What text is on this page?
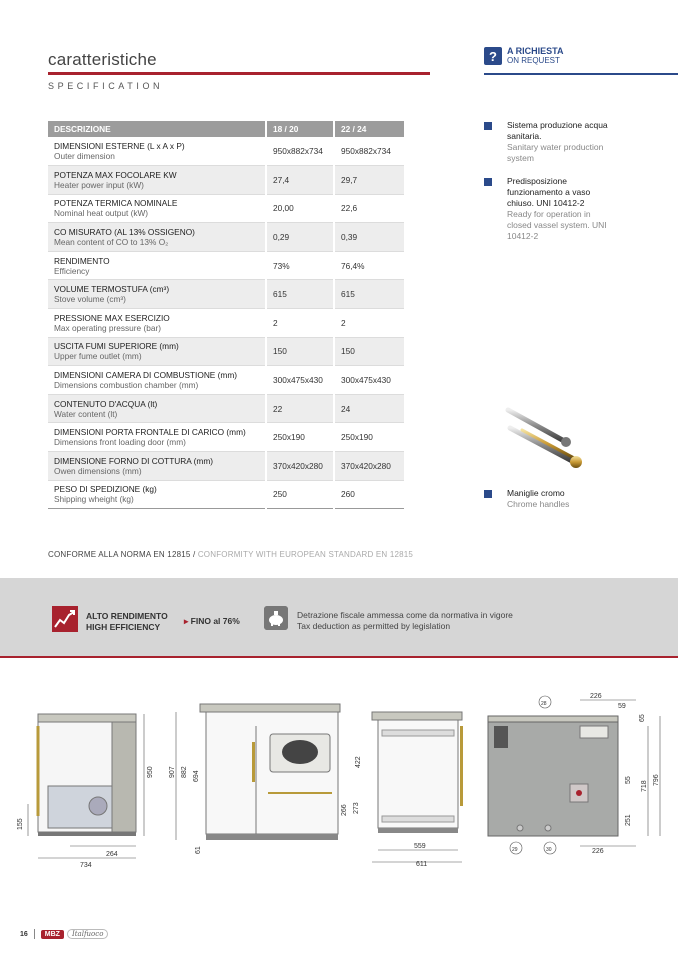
caratteristiche
SPECIFICATION
?	A RICHIESTA
ON REQUEST
DESCRIZIONE	18 / 20	22 / 24

DIMENSIONI ESTERNE (L x A x P)
Outer dimension	950x882x734	950x882x734

POTENZA MAX FOCOLARE KW
Heater power input (kW)	27,4	29,7

POTENZA TERMICA NOMINALE
Nominal heat output (kW)	20,00	22,6

CO MISURATO (AL 13% OSSIGENO)
Mean content of CO to 13% O₂	0,29	0,39

RENDIMENTO
Efficiency	73%	76,4%

VOLUME TERMOSTUFA (cm³)
Stove volume (cm³)	615	615

PRESSIONE MAX ESERCIZIO
Max operating pressure (bar)	2	2

USCITA FUMI SUPERIORE (mm)
Upper fume outlet (mm)	150	150

DIMENSIONI CAMERA DI COMBUSTIONE (mm)
Dimensions combustion chamber (mm)	300x475x430	300x475x430

CONTENUTO D'ACQUA (lt)
Water content (lt)	22	24

DIMENSIONI PORTA FRONTALE DI CARICO (mm)
Dimensions front loading door (mm)	250x190	250x190

DIMENSIONE FORNO DI COTTURA (mm)
Owen dimensions (mm)	370x420x280	370x420x280

PESO DI SPEDIZIONE (kg)
Shipping wheight (kg)	250	260
Sistema produzione acqua sanitaria.
Sanitary water production system
Predisposizione funzionamento a vaso chiuso. UNI 10412-2
Ready for operation in closed vassel system. UNI 10412-2
Maniglie cromo
Chrome handles
CONFORME ALLA NORMA EN 12815 / CONFORMITY WITH EUROPEAN STANDARD EN 12815
ALTO RENDIMENTO
HIGH EFFICIENCY
▸ FINO al 76%
Detrazione fiscale ammessa come da normativa in vigore
Tax deduction as permitted by legislation
950
155
264
734
907 882 694
61
422
266 273
559
611
226
59
65
796
718
55
251
226
28
29	30
16	MBZ	Italfuoco
